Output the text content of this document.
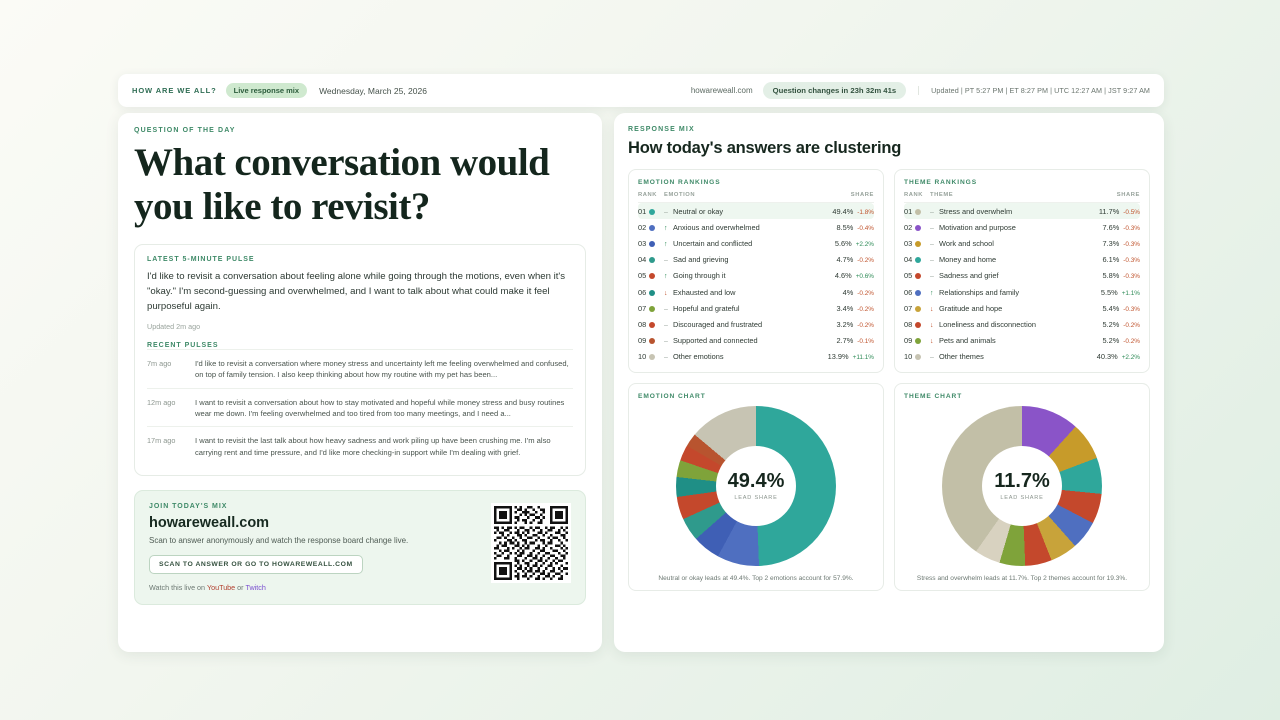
HOW ARE WE ALL?	Live response mix	Wednesday, March 25, 2026	howareweall.com	Question changes in 23h 32m 41s	Updated | PT 5:27 PM | ET 8:27 PM | UTC 12:27 AM | JST 9:27 AM
QUESTION OF THE DAY
What conversation would you like to revisit?
LATEST 5-MINUTE PULSE
I'd like to revisit a conversation about feeling alone while going through the motions, even when it's "okay." I'm second-guessing and overwhelmed, and I want to talk about what could make it feel purposeful again.
Updated 2m ago
RECENT PULSES
7m ago	I'd like to revisit a conversation where money stress and uncertainty left me feeling overwhelmed and confused, on top of family tension. I also keep thinking about how my routine with my pet has been...
12m ago	I want to revisit a conversation about how to stay motivated and hopeful while money stress and busy routines wear me down. I'm feeling overwhelmed and too tired from too many meetings, and I need a...
17m ago	I want to revisit the last talk about how heavy sadness and work piling up have been crushing me. I'm also carrying rent and time pressure, and I'd like more checking-in support while I'm dealing with grief.
JOIN TODAY'S MIX
howareweall.com
Scan to answer anonymously and watch the response board change live.
SCAN TO ANSWER OR GO TO HOWAREWEALL.COM
Watch this live on YouTube or Twitch
RESPONSE MIX
How today's answers are clustering
EMOTION RANKINGS
RANK	EMOTION	SHARE
01	– Neutral or okay	49.4% -1.8%
02	↑ Anxious and overwhelmed	8.5% -0.4%
03	↑ Uncertain and conflicted	5.6% +2.2%
04	– Sad and grieving	4.7% -0.2%
05	↑ Going through it	4.6% +0.6%
06	↓ Exhausted and low	4% -0.2%
07	– Hopeful and grateful	3.4% -0.2%
08	– Discouraged and frustrated	3.2% -0.2%
09	– Supported and connected	2.7% -0.1%
10	– Other emotions	13.9% +11.1%
THEME RANKINGS
RANK	THEME	SHARE
01	– Stress and overwhelm	11.7% -0.5%
02	– Motivation and purpose	7.6% -0.3%
03	– Work and school	7.3% -0.3%
04	– Money and home	6.1% -0.3%
05	– Sadness and grief	5.8% -0.3%
06	↑ Relationships and family	5.5% +1.1%
07	↓ Gratitude and hope	5.4% -0.3%
08	↓ Loneliness and disconnection	5.2% -0.2%
09	↓ Pets and animals	5.2% -0.2%
10	– Other themes	40.3% +2.2%
EMOTION CHART
49.4%
LEAD SHARE
Neutral or okay leads at 49.4%. Top 2 emotions account for 57.9%.
THEME CHART
11.7%
LEAD SHARE
Stress and overwhelm leads at 11.7%. Top 2 themes account for 19.3%.
